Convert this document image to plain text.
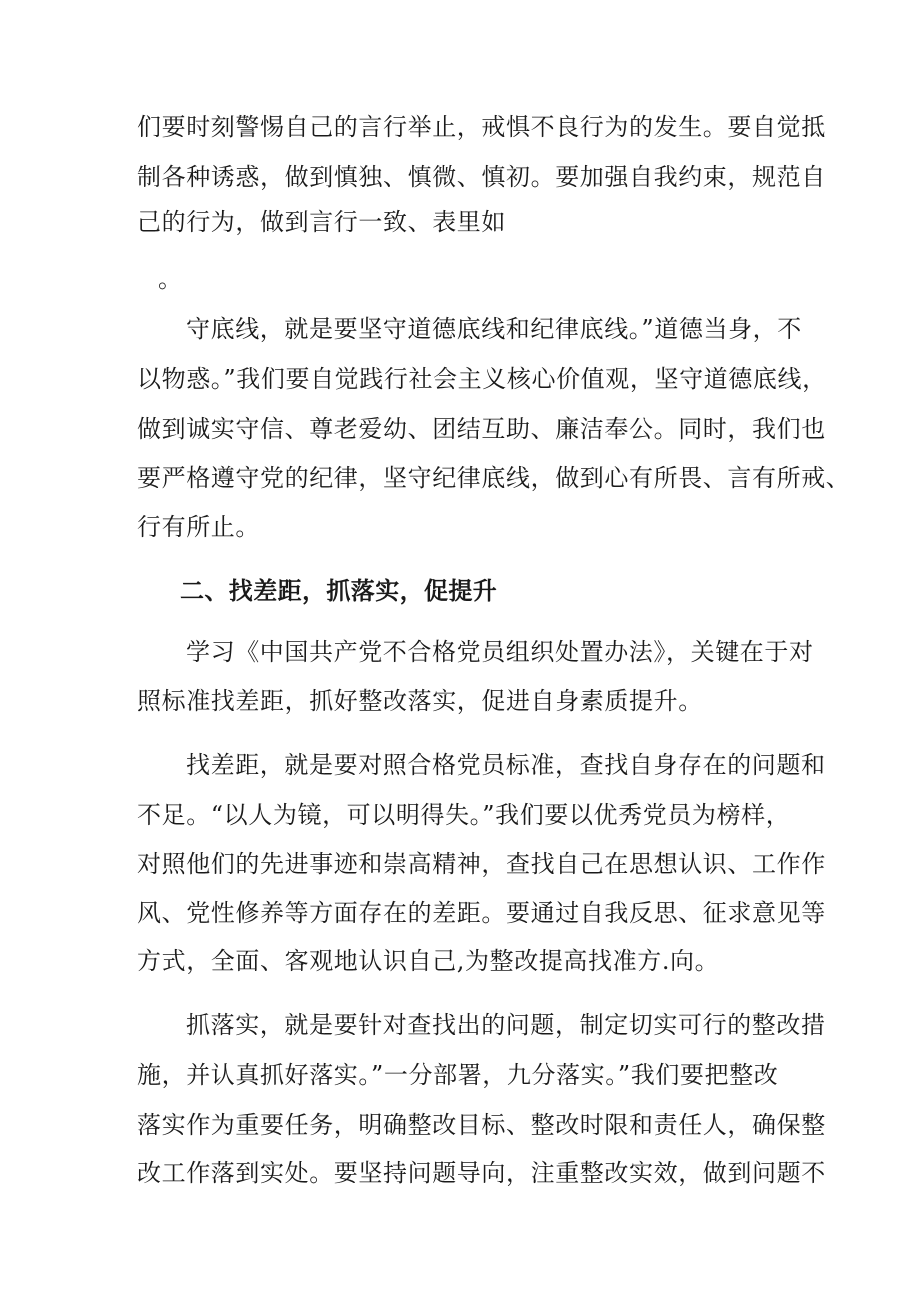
们要时刻警惕自己的言行举止，戒惧不良行为的发生。要自觉抵
制各种诱惑，做到慎独、慎微、慎初。要加强自我约束，规范自
己的行为，做到言行一致、表里如
。
守底线，就是要坚守道德底线和纪律底线。”道德当身，不
以物惑。”我们要自觉践行社会主义核心价值观，坚守道德底线，
做到诚实守信、尊老爱幼、团结互助、廉洁奉公。同时，我们也
要严格遵守党的纪律，坚守纪律底线，做到心有所畏、言有所戒、
行有所止。
二、找差距，抓落实，促提升
学习《中国共产党不合格党员组织处置办法》，关键在于对
照标准找差距，抓好整改落实，促进自身素质提升。
找差距，就是要对照合格党员标准，查找自身存在的问题和
不足。“以人为镜，可以明得失。”我们要以优秀党员为榜样，
对照他们的先进事迹和崇高精神，查找自己在思想认识、工作作
风、党性修养等方面存在的差距。要通过自我反思、征求意见等
方式，全面、客观地认识自己,为整改提高找准方.向。
抓落实，就是要针对查找出的问题，制定切实可行的整改措
施，并认真抓好落实。”一分部署，九分落实。”我们要把整改
落实作为重要任务，明确整改目标、整改时限和责任人，确保整
改工作落到实处。要坚持问题导向，注重整改实效，做到问题不
